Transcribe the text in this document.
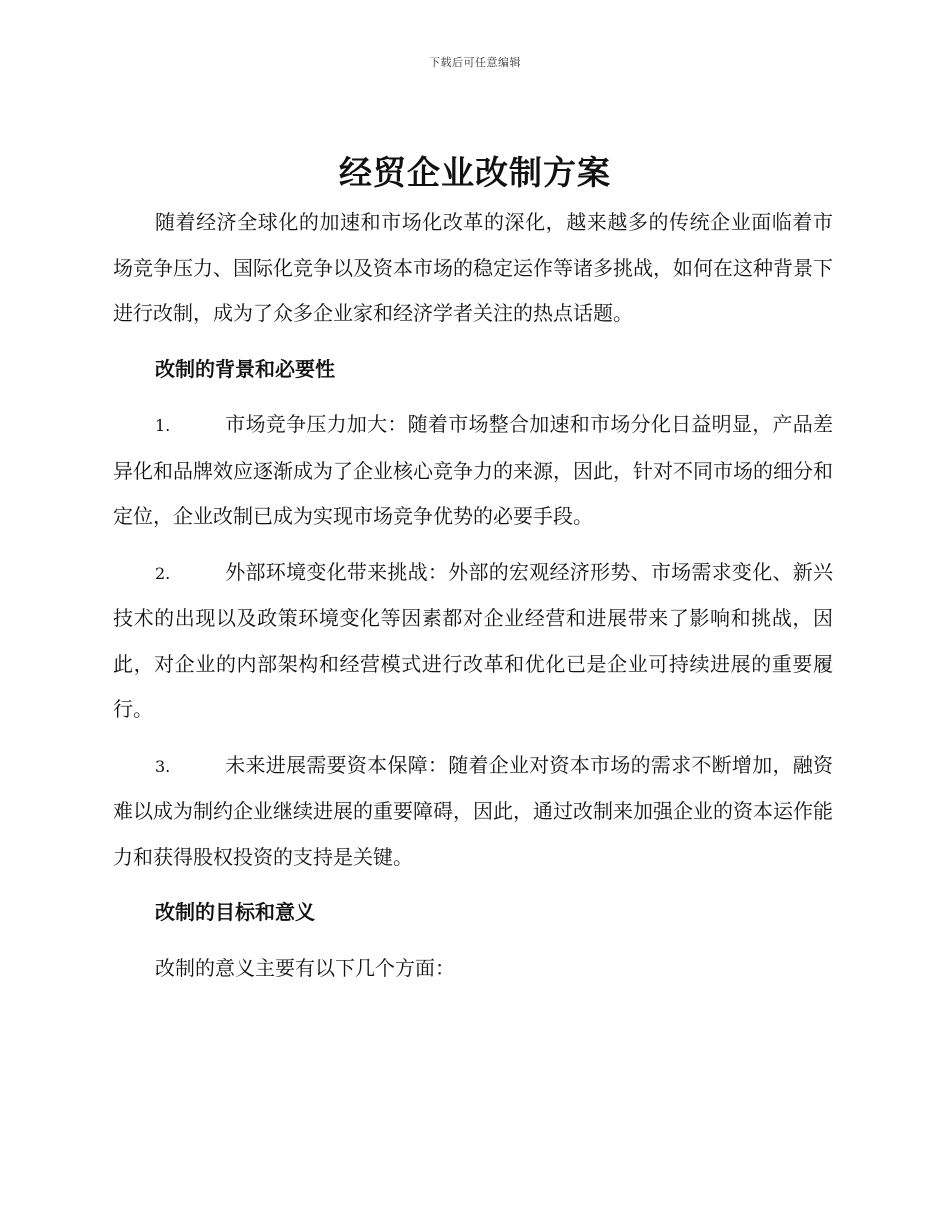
下载后可任意编辑
经贸企业改制方案

随着经济全球化的加速和市场化改革的深化，越来越多的传统企业面临着市场竞争压力、国际化竞争以及资本市场的稳定运作等诸多挑战，如何在这种背景下进行改制，成为了众多企业家和经济学者关注的热点话题。

改制的背景和必要性

1.	市场竞争压力加大：随着市场整合加速和市场分化日益明显，产品差异化和品牌效应逐渐成为了企业核心竞争力的来源，因此，针对不同市场的细分和定位，企业改制已成为实现市场竞争优势的必要手段。

2.	外部环境变化带来挑战：外部的宏观经济形势、市场需求变化、新兴技术的出现以及政策环境变化等因素都对企业经营和进展带来了影响和挑战，因此，对企业的内部架构和经营模式进行改革和优化已是企业可持续进展的重要履行。

3.	未来进展需要资本保障：随着企业对资本市场的需求不断增加，融资难以成为制约企业继续进展的重要障碍，因此，通过改制来加强企业的资本运作能力和获得股权投资的支持是关键。

改制的目标和意义

改制的意义主要有以下几个方面：
